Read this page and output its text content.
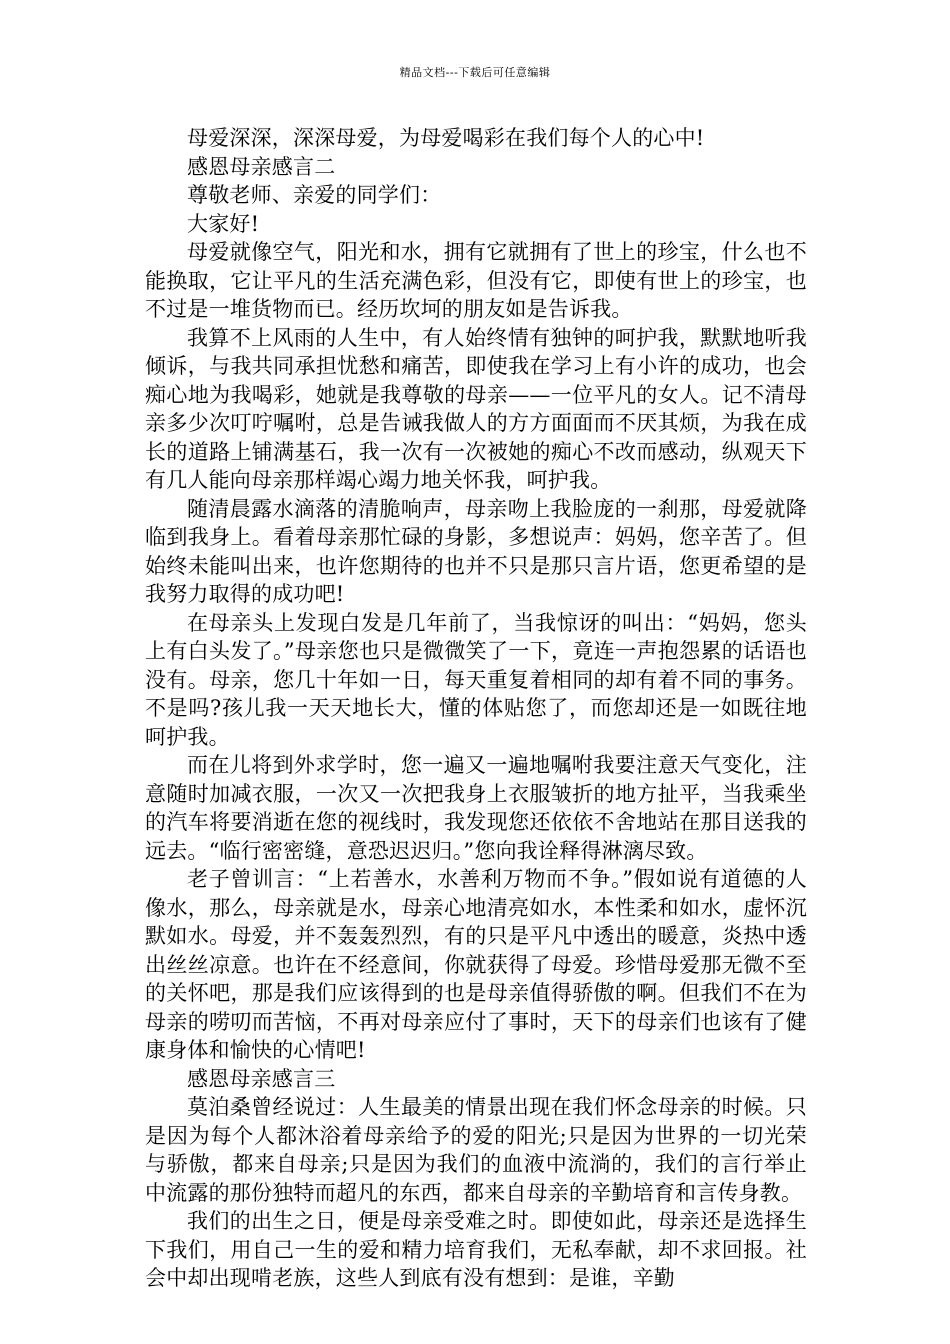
精品文档---下载后可任意编辑

母爱深深，深深母爱，为母爱喝彩在我们每个人的心中!

感恩母亲感言二

尊敬老师、亲爱的同学们：

大家好!

母爱就像空气，阳光和水，拥有它就拥有了世上的珍宝，什么也不能换取，它让平凡的生活充满色彩，但没有它，即使有世上的珍宝，也不过是一堆货物而已。经历坎坷的朋友如是告诉我。

我算不上风雨的人生中，有人始终情有独钟的呵护我，默默地听我倾诉，与我共同承担忧愁和痛苦，即使我在学习上有小许的成功，也会痴心地为我喝彩，她就是我尊敬的母亲——一位平凡的女人。记不清母亲多少次叮咛嘱咐，总是告诫我做人的方方面面而不厌其烦，为我在成长的道路上铺满基石，我一次有一次被她的痴心不改而感动，纵观天下有几人能向母亲那样竭心竭力地关怀我，呵护我。

随清晨露水滴落的清脆响声，母亲吻上我脸庞的一刹那，母爱就降临到我身上。看着母亲那忙碌的身影，多想说声：妈妈，您辛苦了。但始终未能叫出来，也许您期待的也并不只是那只言片语，您更希望的是我努力取得的成功吧!

在母亲头上发现白发是几年前了，当我惊讶的叫出：“妈妈，您头上有白头发了。”母亲您也只是微微笑了一下，竟连一声抱怨累的话语也没有。母亲，您几十年如一日，每天重复着相同的却有着不同的事务。不是吗?孩儿我一天天地长大，懂的体贴您了，而您却还是一如既往地呵护我。

而在儿将到外求学时，您一遍又一遍地嘱咐我要注意天气变化，注意随时加减衣服，一次又一次把我身上衣服皱折的地方扯平，当我乘坐的汽车将要消逝在您的视线时，我发现您还依依不舍地站在那目送我的远去。“临行密密缝，意恐迟迟归。”您向我诠释得淋漓尽致。

老子曾训言：“上若善水，水善利万物而不争。”假如说有道德的人像水，那么，母亲就是水，母亲心地清亮如水，本性柔和如水，虚怀沉默如水。母爱，并不轰轰烈烈，有的只是平凡中透出的暖意，炎热中透出丝丝凉意。也许在不经意间，你就获得了母爱。珍惜母爱那无微不至的关怀吧，那是我们应该得到的也是母亲值得骄傲的啊。但我们不在为母亲的唠叨而苦恼，不再对母亲应付了事时，天下的母亲们也该有了健康身体和愉快的心情吧!

感恩母亲感言三

莫泊桑曾经说过：人生最美的情景出现在我们怀念母亲的时候。只是因为每个人都沐浴着母亲给予的爱的阳光;只是因为世界的一切光荣与骄傲，都来自母亲;只是因为我们的血液中流淌的，我们的言行举止中流露的那份独特而超凡的东西，都来自母亲的辛勤培育和言传身教。

我们的出生之日，便是母亲受难之时。即使如此，母亲还是选择生下我们，用自己一生的爱和精力培育我们，无私奉献，却不求回报。社会中却出现啃老族，这些人到底有没有想到：是谁，辛勤
